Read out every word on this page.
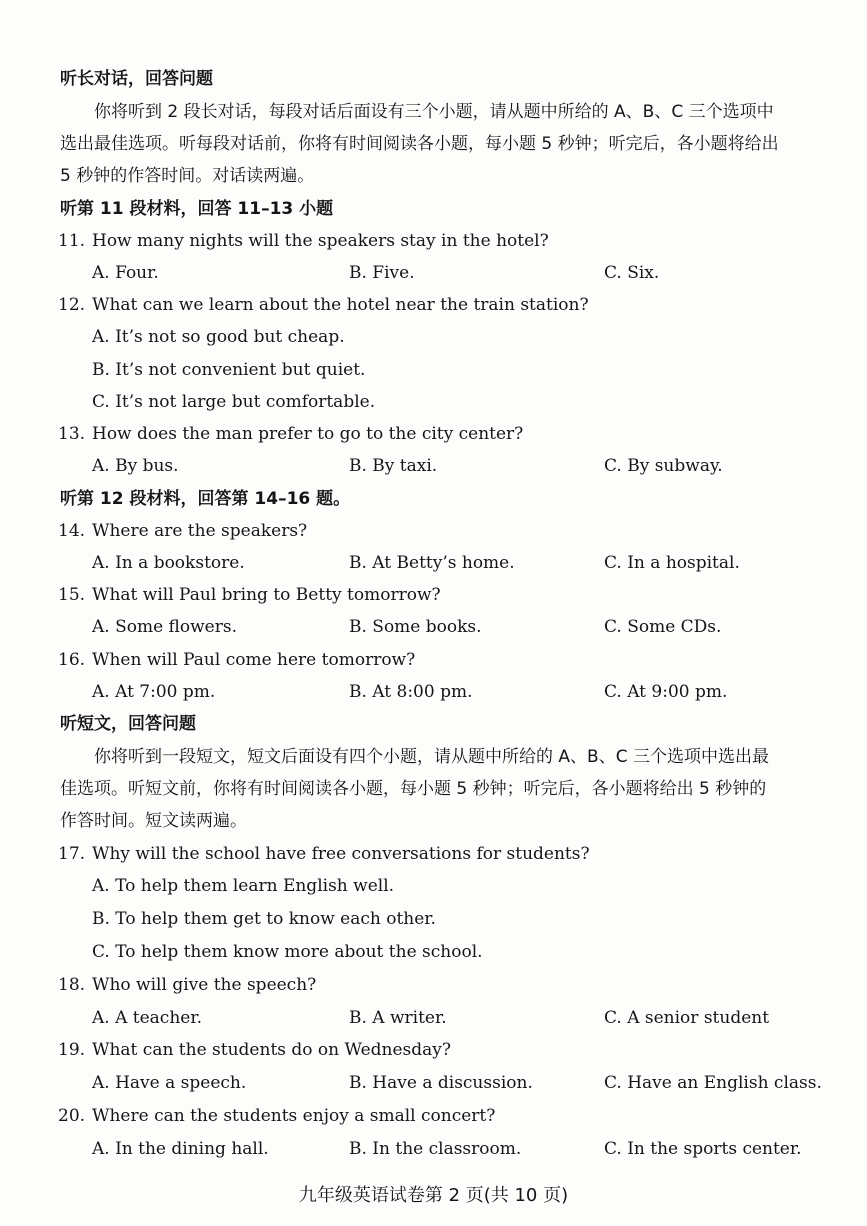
听长对话，回答问题
　　你将听到 2 段长对话，每段对话后面设有三个小题，请从题中所给的 A、B、C 三个选项中
选出最佳选项。听每段对话前，你将有时间阅读各小题，每小题 5 秒钟；听完后，各小题将给出
5 秒钟的作答时间。对话读两遍。
听第 11 段材料，回答 11–13 小题
11. How many nights will the speakers stay in the hotel?
A. Four.	B. Five.	C. Six.
12. What can we learn about the hotel near the train station?
A. It’s not so good but cheap.
B. It’s not convenient but quiet.
C. It’s not large but comfortable.
13. How does the man prefer to go to the city center?
A. By bus.	B. By taxi.	C. By subway.
听第 12 段材料，回答第 14–16 题。
14. Where are the speakers?
A. In a bookstore.	B. At Betty’s home.	C. In a hospital.
15. What will Paul bring to Betty tomorrow?
A. Some flowers.	B. Some books.	C. Some CDs.
16. When will Paul come here tomorrow?
A. At 7:00 pm.	B. At 8:00 pm.	C. At 9:00 pm.
听短文，回答问题
　　你将听到一段短文，短文后面设有四个小题，请从题中所给的 A、B、C 三个选项中选出最
佳选项。听短文前，你将有时间阅读各小题，每小题 5 秒钟；听完后，各小题将给出 5 秒钟的
作答时间。短文读两遍。
17. Why will the school have free conversations for students?
A. To help them learn English well.
B. To help them get to know each other.
C. To help them know more about the school.
18. Who will give the speech?
A. A teacher.	B. A writer.	C. A senior student
19. What can the students do on Wednesday?
A. Have a speech.	B. Have a discussion.	C. Have an English class.
20. Where can the students enjoy a small concert?
A. In the dining hall.	B. In the classroom.	C. In the sports center.
九年级英语试卷第 2 页(共 10 页)
